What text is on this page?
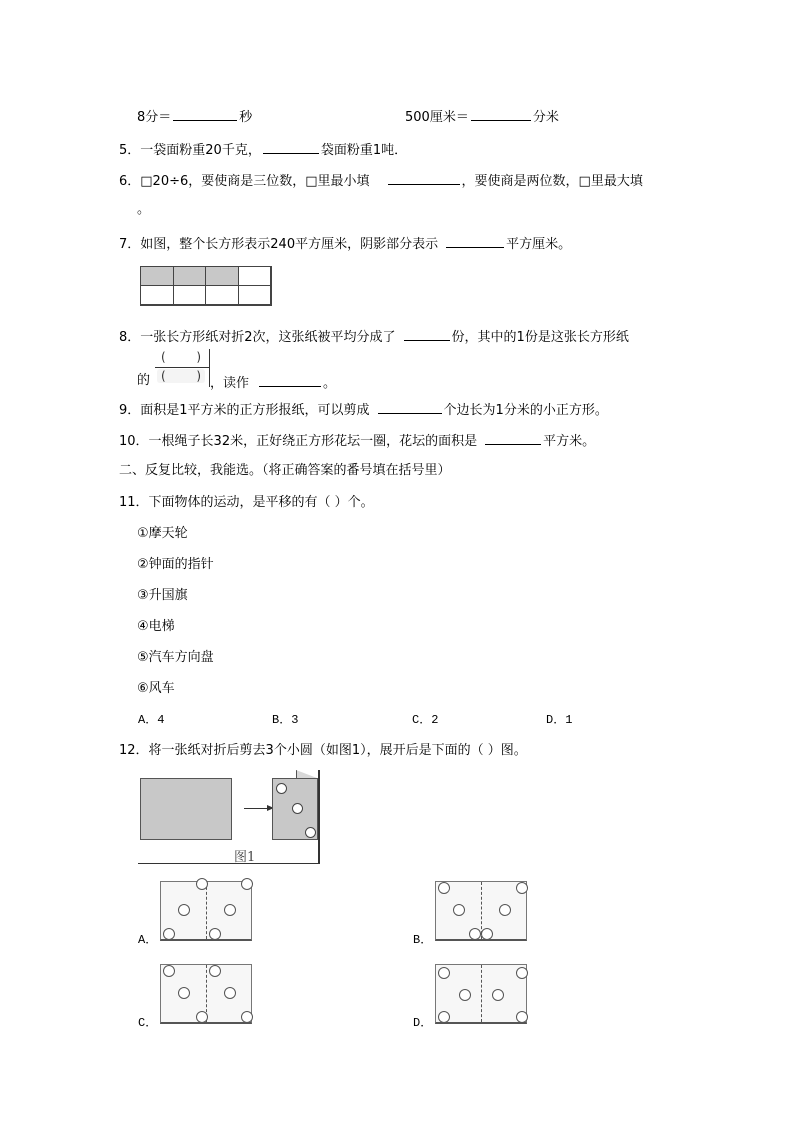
8分＝	秒	500厘米＝	分米
5．一袋面粉重20千克，	袋面粉重1吨．
6．□20÷6，要使商是三位数，□里最小填	，要使商是两位数，□里最大填
。
7．如图，整个长方形表示240平方厘米，阴影部分表示	平方厘米。
8．一张长方形纸对折2次，这张纸被平均分成了	份，其中的1份是这张长方形纸
的
(	)
(	) ，读作	。
9．面积是1平方米的正方形报纸，可以剪成	个边长为1分米的小正方形。
10．一根绳子长32米，正好绕正方形花坛一圈，花坛的面积是	平方米。
二、反复比较，我能选。（将正确答案的番号填在括号里）
11．下面物体的运动，是平移的有（ ）个。
①摩天轮
②钟面的指针
③升国旗
④电梯
⑤汽车方向盘
⑥风车
A．4	B．3	C．2	D．1
12．将一张纸对折后剪去3个小圆（如图1），展开后是下面的（ ）图。
图1
A．	B．
C．	D．
